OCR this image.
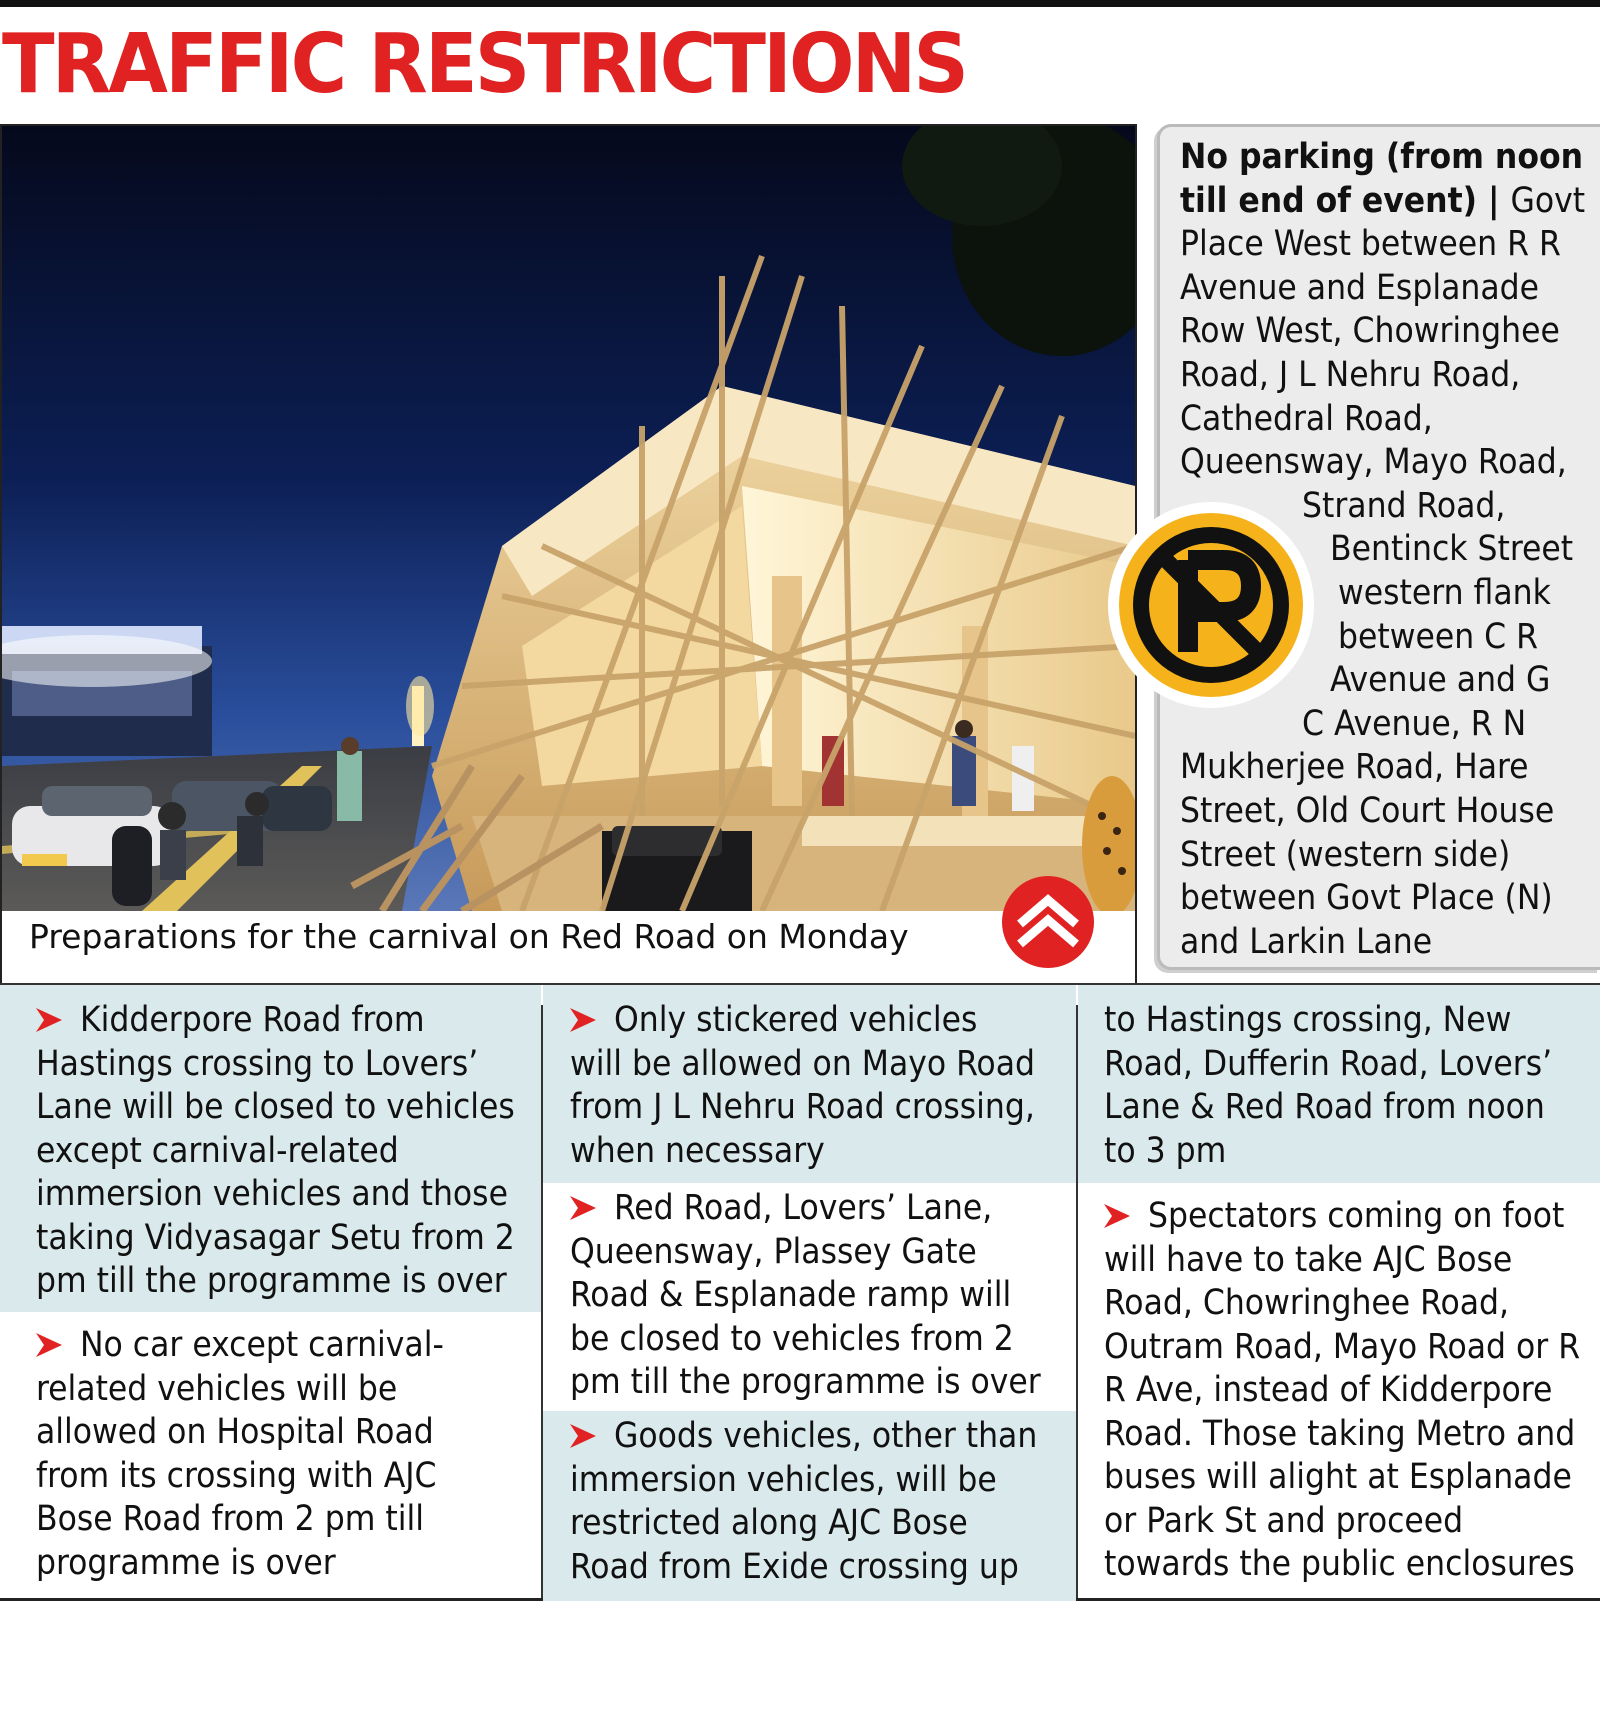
TRAFFIC RESTRICTIONS
Preparations for the carnival on Red Road on Monday
No parking (from noon
till end of event) | Govt
Place West between R R
Avenue and Esplanade
Row West, Chowringhee
Road, J L Nehru Road,
Cathedral Road,
Queensway, Mayo Road,
Strand Road,
Bentinck Street
western flank
between C R
Avenue and G
C Avenue, R N
Mukherjee Road, Hare
Street, Old Court House
Street (western side)
between Govt Place (N)
and Larkin Lane
Kidderpore Road from
Hastings crossing to Lovers’
Lane will be closed to vehicles
except carnival-related
immersion vehicles and those
taking Vidyasagar Setu from 2
pm till the programme is over
No car except carnival-
related vehicles will be
allowed on Hospital Road
from its crossing with AJC
Bose Road from 2 pm till
programme is over
Only stickered vehicles
will be allowed on Mayo Road
from J L Nehru Road crossing,
when necessary
Red Road, Lovers’ Lane,
Queensway, Plassey Gate
Road & Esplanade ramp will
be closed to vehicles from 2
pm till the programme is over
Goods vehicles, other than
immersion vehicles, will be
restricted along AJC Bose
Road from Exide crossing up
to Hastings crossing, New
Road, Dufferin Road, Lovers’
Lane & Red Road from noon
to 3 pm
Spectators coming on foot
will have to take AJC Bose
Road, Chowringhee Road,
Outram Road, Mayo Road or R
R Ave, instead of Kidderpore
Road. Those taking Metro and
buses will alight at Esplanade
or Park St and proceed
towards the public enclosures
